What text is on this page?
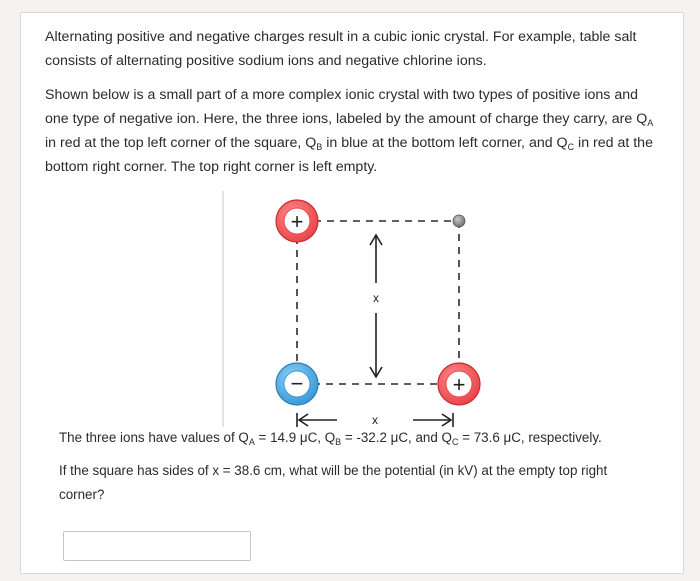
Alternating positive and negative charges result in a cubic ionic crystal. For example, table salt consists of alternating positive sodium ions and negative chlorine ions.

Shown below is a small part of a more complex ionic crystal with two types of positive ions and one type of negative ion. Here, the three ions, labeled by the amount of charge they carry, are $Q_A$ in red at the top left corner of the square, $Q_B$ in blue at the bottom left corner, and $Q_C$ in red at the bottom right corner. The top right corner is left empty.

x
x
+
−	+

The three ions have values of $Q_A = 14.9$ μC, $Q_B = -32.2$ μC, and $Q_C = 73.6$ μC, respectively.

If the square has sides of x = 38.6 cm, what will be the potential (in kV) at the empty top right corner?
